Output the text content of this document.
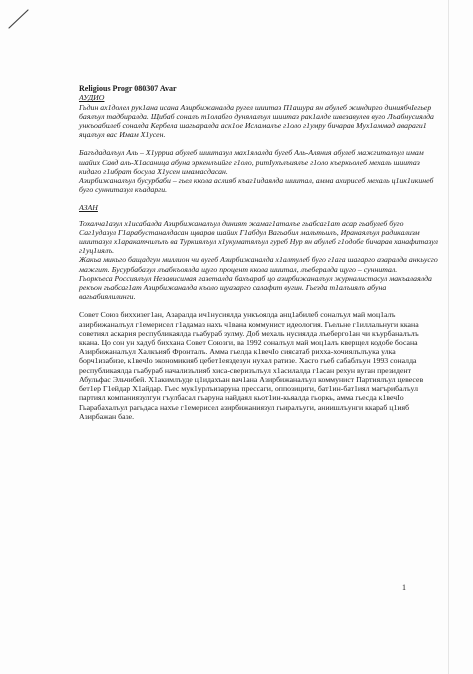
Religious Progr 080307 Avar

АУДИО

Гьдин ах1долел рук1ана исана Азирбижаналда ругел шиитаз П1ашура ян абулеб жиндирго диниябчIегьер баялъул тадбиралда. Щибаб соналъ т1олабго дунялалъул шиитаз рак1алде швезавулев вуго Лъабнусиялда ункъоабилеб соналда Кербела шагьаралда аск1ое Исламалъе г1оло г1умру бичарав Мух1аммад авараги1 яцалъул вас Имам Х1усен.

Багъдадалъул Аль – Х1урриа абулеб шиитазул мах1ялалда бугеб Аль-Аляния абулеб мажгиталъул имам шайих Савд аль-Х1асаница абуна эркенлъийге г1оло, ритIухълъиялъе г1оло къеркьолеб мехаль шиитаз кидаго г1ибрат босула Х1усен имамасдасан.

Азирбижаналъул бусурбаби – гьел ккола аслияб къаг1идаялда шиитал, амма ахирисеб мехаль ц1ик1икинеб буго суннитазул къадарги.

АЗАН

Тохалча1азул х1исабалда Азирбижаналъул диният жамаг1аталъе гьабсаг1ат асар гьабулеб буго Саг1удазул Г1арабустаналдасан щварав шайих Г1абдул Вагьабил мальтьилъ, Иранаялъул радикализм шиитазул х1аракатчилълъ ва Туркиялъул х1укуматялъул гуреб Нур ян абулеб г1одобе бичарав ханафитазул г1уц1иялъ.

Жакьа микьго бащадгун миллион чи вугеб Азирбижаналда х1алтулеб буго г1ага шагарго азаралда анкьусго мажгит. Бусурбабазул лъабкъоялда щуго процент ккола шиитал, лъебералда щуго – суннитал.

Гьоркъеса Россиялъул Независимая газеталда бахъараб цо азирбижаналъул журналистасул макъалаялда рекъон гьабсаг1ат Азирбижаналда къоло щуазарго салафит вугин. Гьезда т1алъиялъ абуна вагьабиялилинги.

Совет Союз биххизег1ан, Азаралда ич1нусиялда ункъоялда анц1абилеб соналъул май моц1алъ азирбижаналъул г1емерисел г1адамаз нахъ ч1вана коммунист идеология. Гьельне г1иллальнуги ккана советиял аскария республикаялда гьабураб зулму. Доб мехаль нусиялда лъеберго1ан чи къурбаналълъ ккана. Цо сон ун хадуб биххана Совет Союзги, ва 1992 соналъул май моц1алъ кверщел кодобе босана Азирбижаналъул Халкъияб Фронталъ. Амма гьелда к1вечIо сиясатаб рихха-хочиялълъука улка борч1изабизе, к1вечIо экономикияб цебет1еяздезун нухал ратизе. Хасго гьеб сабаблъун 1993 соналда республикаялда гьабураб начализълияб хиса-сверизълъул х1асилалда г1асан рехун вуган президент Абульфас Эльчибей. Х1акимлъуде ц1идахъан вач1ана Азирбижаналъул коммунист Партиялъул цевесев бет1ер Г1ейдар Х1айдар. Гьес мук1урлъизаруна прессаги, оппозициги, бат1ин-бат1иял магърибалъул партиял компаниязулгун гъулбасал гьаруна найдаял кьот1ин-кьяалда гьоркь, амма гьесда к1вечIо Гьарабахалъул рагьдаса нахъе г1емерисел азирбижаниязул гьиралъуги, аниишлъунги ккараб ц1ияб Азирбажан базе.

1
